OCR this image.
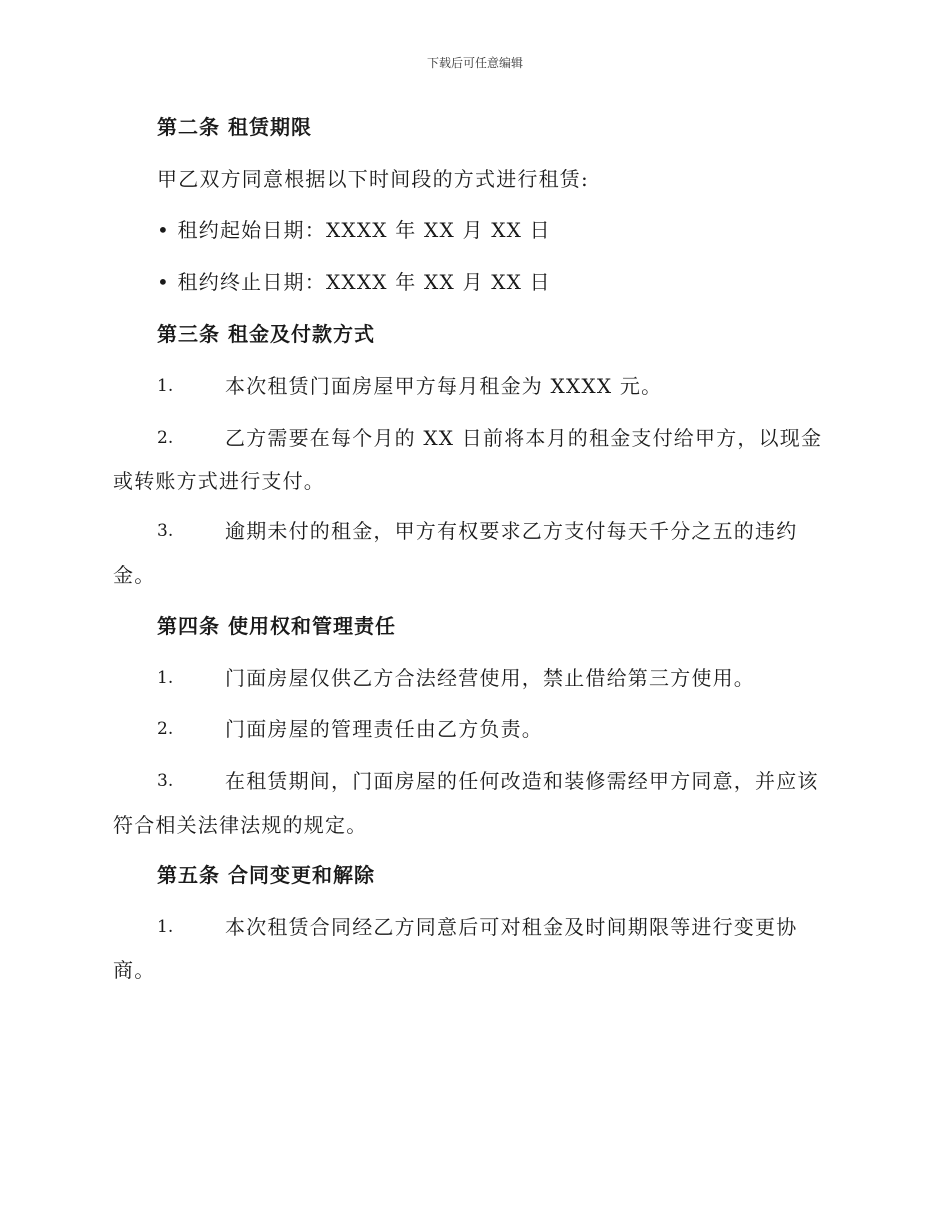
下载后可任意编辑
第二条 租赁期限
甲乙双方同意根据以下时间段的方式进行租赁:
• 租约起始日期：XXXX 年 XX 月 XX 日
• 租约终止日期：XXXX 年 XX 月 XX 日
第三条 租金及付款方式
1.	本次租赁门面房屋甲方每月租金为 XXXX 元。
2.	乙方需要在每个月的 XX 日前将本月的租金支付给甲方，以现金
或转账方式进行支付。
3.	逾期未付的租金，甲方有权要求乙方支付每天千分之五的违约
金。
第四条 使用权和管理责任
1.	门面房屋仅供乙方合法经营使用，禁止借给第三方使用。
2.	门面房屋的管理责任由乙方负责。
3.	在租赁期间，门面房屋的任何改造和装修需经甲方同意，并应该
符合相关法律法规的规定。
第五条 合同变更和解除
1.	本次租赁合同经乙方同意后可对租金及时间期限等进行变更协
商。
